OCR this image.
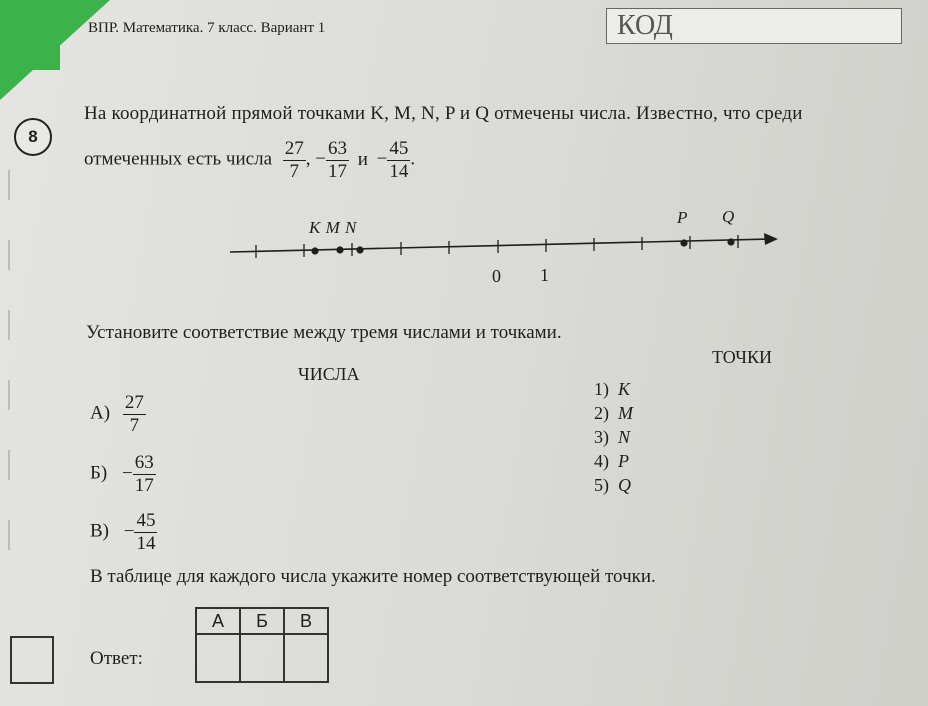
ВПР. Математика. 7 класс. Вариант 1	КОД
8
На координатной прямой точками K, M, N, P и Q отмечены числа. Известно, что среди
отмеченных есть числа $\frac{27}{7}$ , − $\frac{63}{17}$ $и - \frac{45}{14}$ .
K M N
P Q
0 1
Установите соответствие между тремя числами и точками.
ЧИСЛА
ТОЧКИ
$А) \frac{27}{7}$
$Б) - \frac{63}{17}$
$В) - \frac{45}{14}$
1) K
2) M
3) N
4) P
5) Q
В таблице для каждого числа укажите номер соответствующей точки.
Ответ:
А	Б	В
